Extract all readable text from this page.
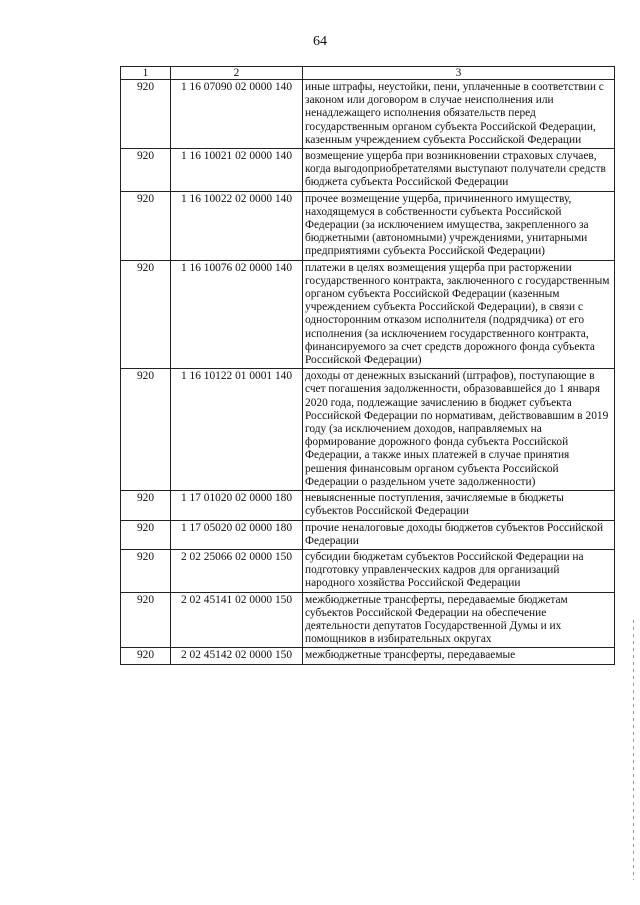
64
1	2	3
920	1 16 07090 02 0000 140	иные штрафы, неустойки, пени, уплаченные в соответствии с законом или договором в случае неисполнения или ненадлежащего исполнения обязательств перед государственным органом субъекта Российской Федерации, казенным учреждением субъекта Российской Федерации
920	1 16 10021 02 0000 140	возмещение ущерба при возникновении страховых случаев, когда выгодоприобретателями выступают получатели средств бюджета субъекта Российской Федерации
920	1 16 10022 02 0000 140	прочее возмещение ущерба, причиненного имуществу, находящемуся в собственности субъекта Российской Федерации (за исключением имущества, закрепленного за бюджетными (автономными) учреждениями, унитарными предприятиями субъекта Российской Федерации)
920	1 16 10076 02 0000 140	платежи в целях возмещения ущерба при расторжении государственного контракта, заключенного с государственным органом субъекта Российской Федерации (казенным учреждением субъекта Российской Федерации), в связи с односторонним отказом исполнителя (подрядчика) от его исполнения (за исключением государственного контракта, финансируемого за счет средств дорожного фонда субъекта Российской Федерации)
920	1 16 10122 01 0001 140	доходы от денежных взысканий (штрафов), поступающие в счет погашения задолженности, образовавшейся до 1 января 2020 года, подлежащие зачислению в бюджет субъекта Российской Федерации по нормативам, действовавшим в 2019 году (за исключением доходов, направляемых на формирование дорожного фонда субъекта Российской Федерации, а также иных платежей в случае принятия решения финансовым органом субъекта Российской Федерации о раздельном учете задолженности)
920	1 17 01020 02 0000 180	невыясненные поступления, зачисляемые в бюджеты субъектов Российской Федерации
920	1 17 05020 02 0000 180	прочие неналоговые доходы бюджетов субъектов Российской Федерации
920	2 02 25066 02 0000 150	субсидии бюджетам субъектов Российской Федерации на подготовку управленческих кадров для организаций народного хозяйства Российской Федерации
920	2 02 45141 02 0000 150	межбюджетные трансферты, передаваемые бюджетам субъектов Российской Федерации на обеспечение деятельности депутатов Государственной Думы и их помощников в избирательных округах
920	2 02 45142 02 0000 150	межбюджетные трансферты, передаваемые
